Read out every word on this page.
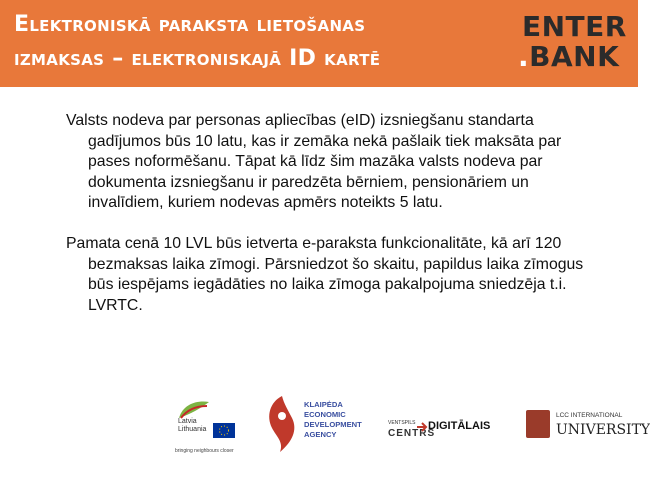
Elektroniskā paraksta lietošanas
izmaksas – elektroniskajā ID kartē
ENTER
.BANK

Valsts nodeva par personas apliecības (eID) izsniegšanu standarta gadījumos būs 10 latu, kas ir zemāka nekā pašlaik tiek maksāta par pases noformēšanu. Tāpat kā līdz šim mazāka valsts nodeva par dokumenta izsniegšanu ir paredzēta bērniem, pensionāriem un invalīdiem, kuriem nodevas apmērs noteikts 5 latu.

Pamata cenā 10 LVL būs ietverta e-paraksta funkcionalitāte, kā arī 120 bezmaksas laika zīmogi. Pārsniedzot šo skaitu, papildus laika zīmogus būs iespējams iegādāties no laika zīmoga pakalpojuma sniedzēja t.i. LVRTC.

Latvia
Lithuania
bringing neighbours closer
KLAIPĖDA
ECONOMIC
DEVELOPMENT
AGENCY
VENTSPILS
CENTRS
DIGITĀLAIS
LCC INTERNATIONAL
UNIVERSITY
